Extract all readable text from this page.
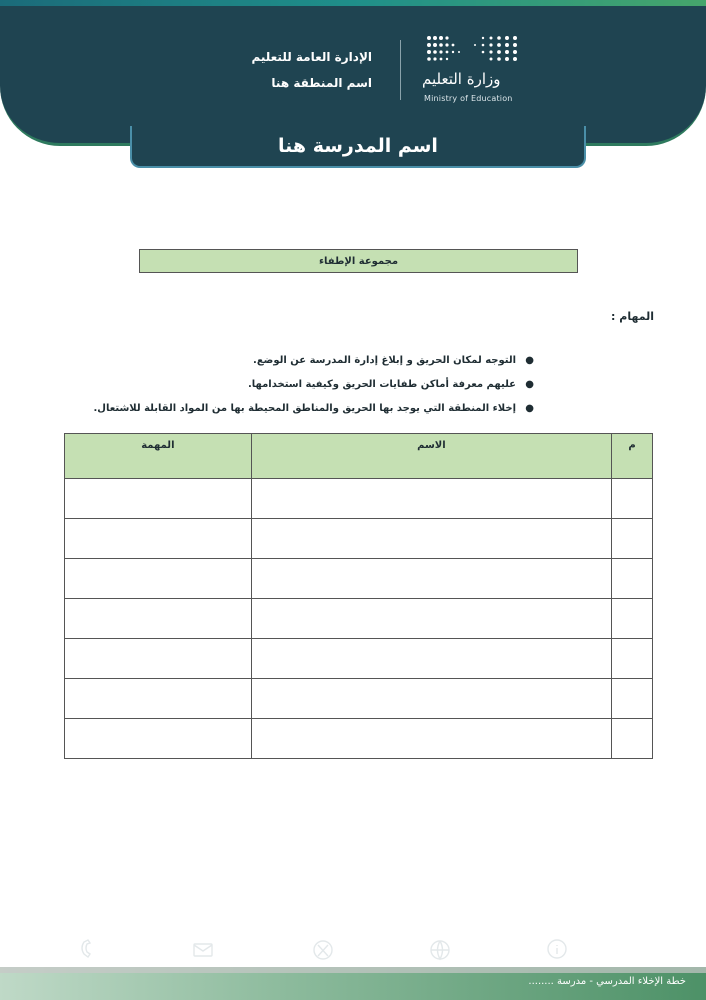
وزارة التعليم
Ministry of Education
الإدارة العامة للتعليم
اسم المنطقة هنا
اسم المدرسة هنا
مجموعة الإطفاء
المهام :
●
التوجه لمكان الحريق و إبلاغ إدارة المدرسة عن الوضع.
●
عليهم معرفة أماكن طفايات الحريق وكيفية استخدامها.
●
إخلاء المنطقة التي يوجد بها الحريق والمناطق المحيطة بها من المواد القابلة للاشتعال.
م	الاسم	المهمة

خطة الإخلاء المدرسي - مدرسة ........
